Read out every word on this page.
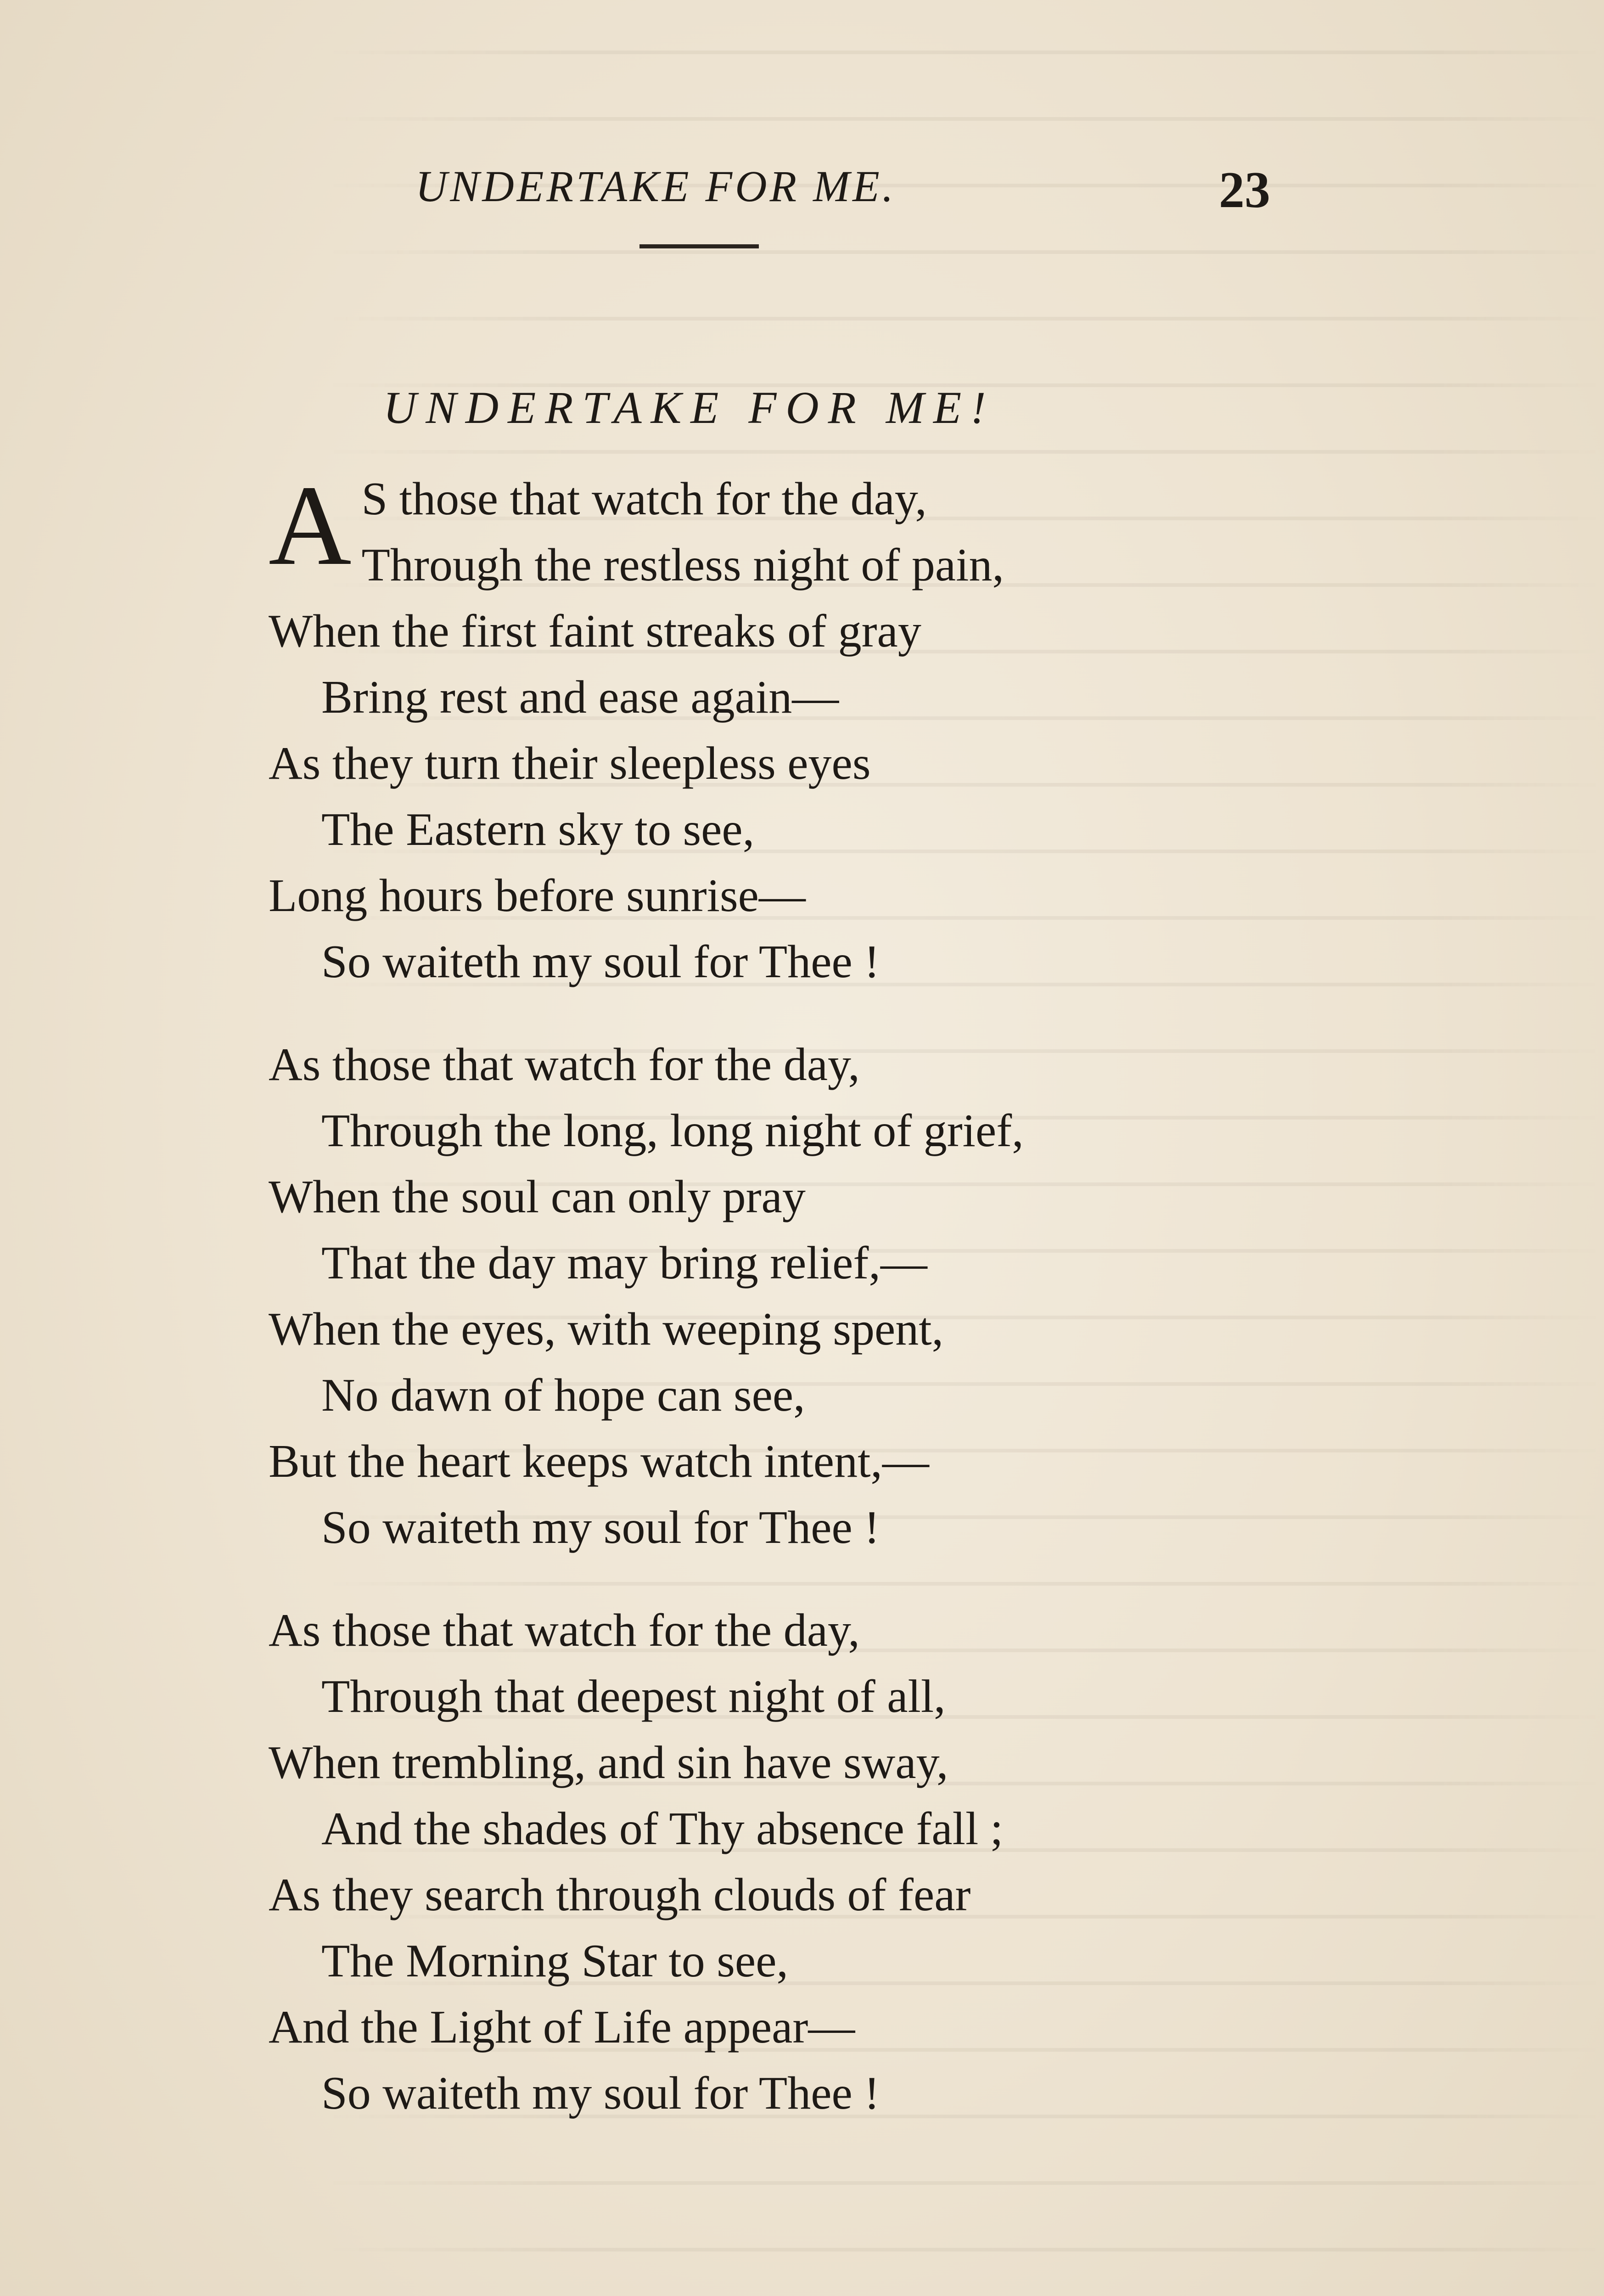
UNDERTAKE FOR ME.	23
UNDERTAKE FOR ME!
A S those that watch for the day,
Through the restless night of pain,
When the first faint streaks of gray
Bring rest and ease again—
As they turn their sleepless eyes
The Eastern sky to see,
Long hours before sunrise—
So waiteth my soul for Thee !
As those that watch for the day,
Through the long, long night of grief,
When the soul can only pray
That the day may bring relief,—
When the eyes, with weeping spent,
No dawn of hope can see,
But the heart keeps watch intent,—
So waiteth my soul for Thee !
As those that watch for the day,
Through that deepest night of all,
When trembling, and sin have sway,
And the shades of Thy absence fall ;
As they search through clouds of fear
The Morning Star to see,
And the Light of Life appear—
So waiteth my soul for Thee !
